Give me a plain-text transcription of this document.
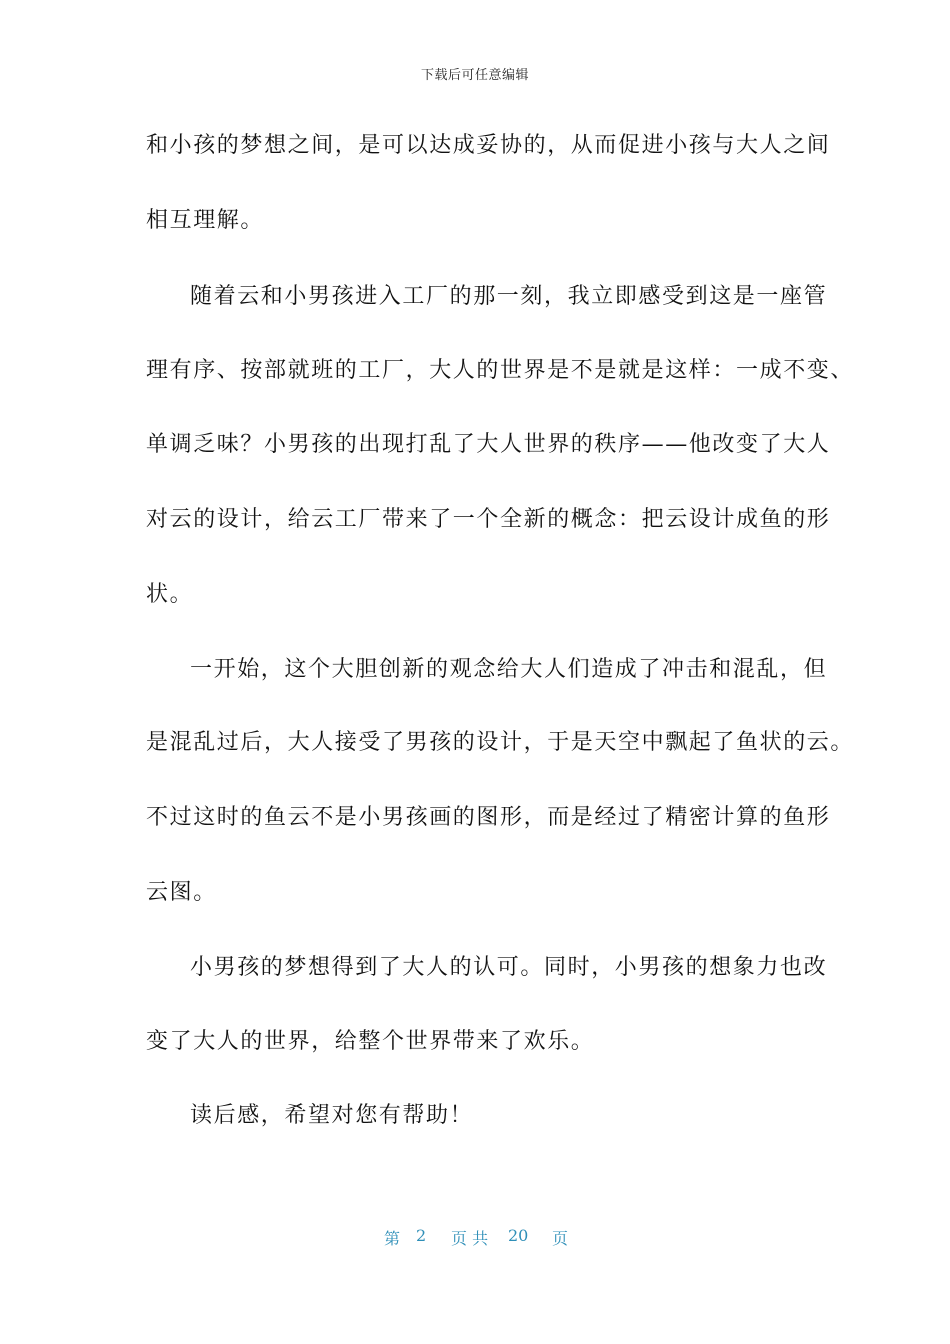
下载后可任意编辑
和小孩的梦想之间，是可以达成妥协的，从而促进小孩与大人之间
相互理解。
随着云和小男孩进入工厂的那一刻，我立即感受到这是一座管
理有序、按部就班的工厂，大人的世界是不是就是这样：一成不变、
单调乏味？小男孩的出现打乱了大人世界的秩序——他改变了大人
对云的设计，给云工厂带来了一个全新的概念：把云设计成鱼的形
状。
一开始，这个大胆创新的观念给大人们造成了冲击和混乱，但
是混乱过后，大人接受了男孩的设计，于是天空中飘起了鱼状的云。
不过这时的鱼云不是小男孩画的图形，而是经过了精密计算的鱼形
云图。
小男孩的梦想得到了大人的认可。同时，小男孩的想象力也改
变了大人的世界，给整个世界带来了欢乐。
读后感，希望对您有帮助！
第 2 页 共 20 页
